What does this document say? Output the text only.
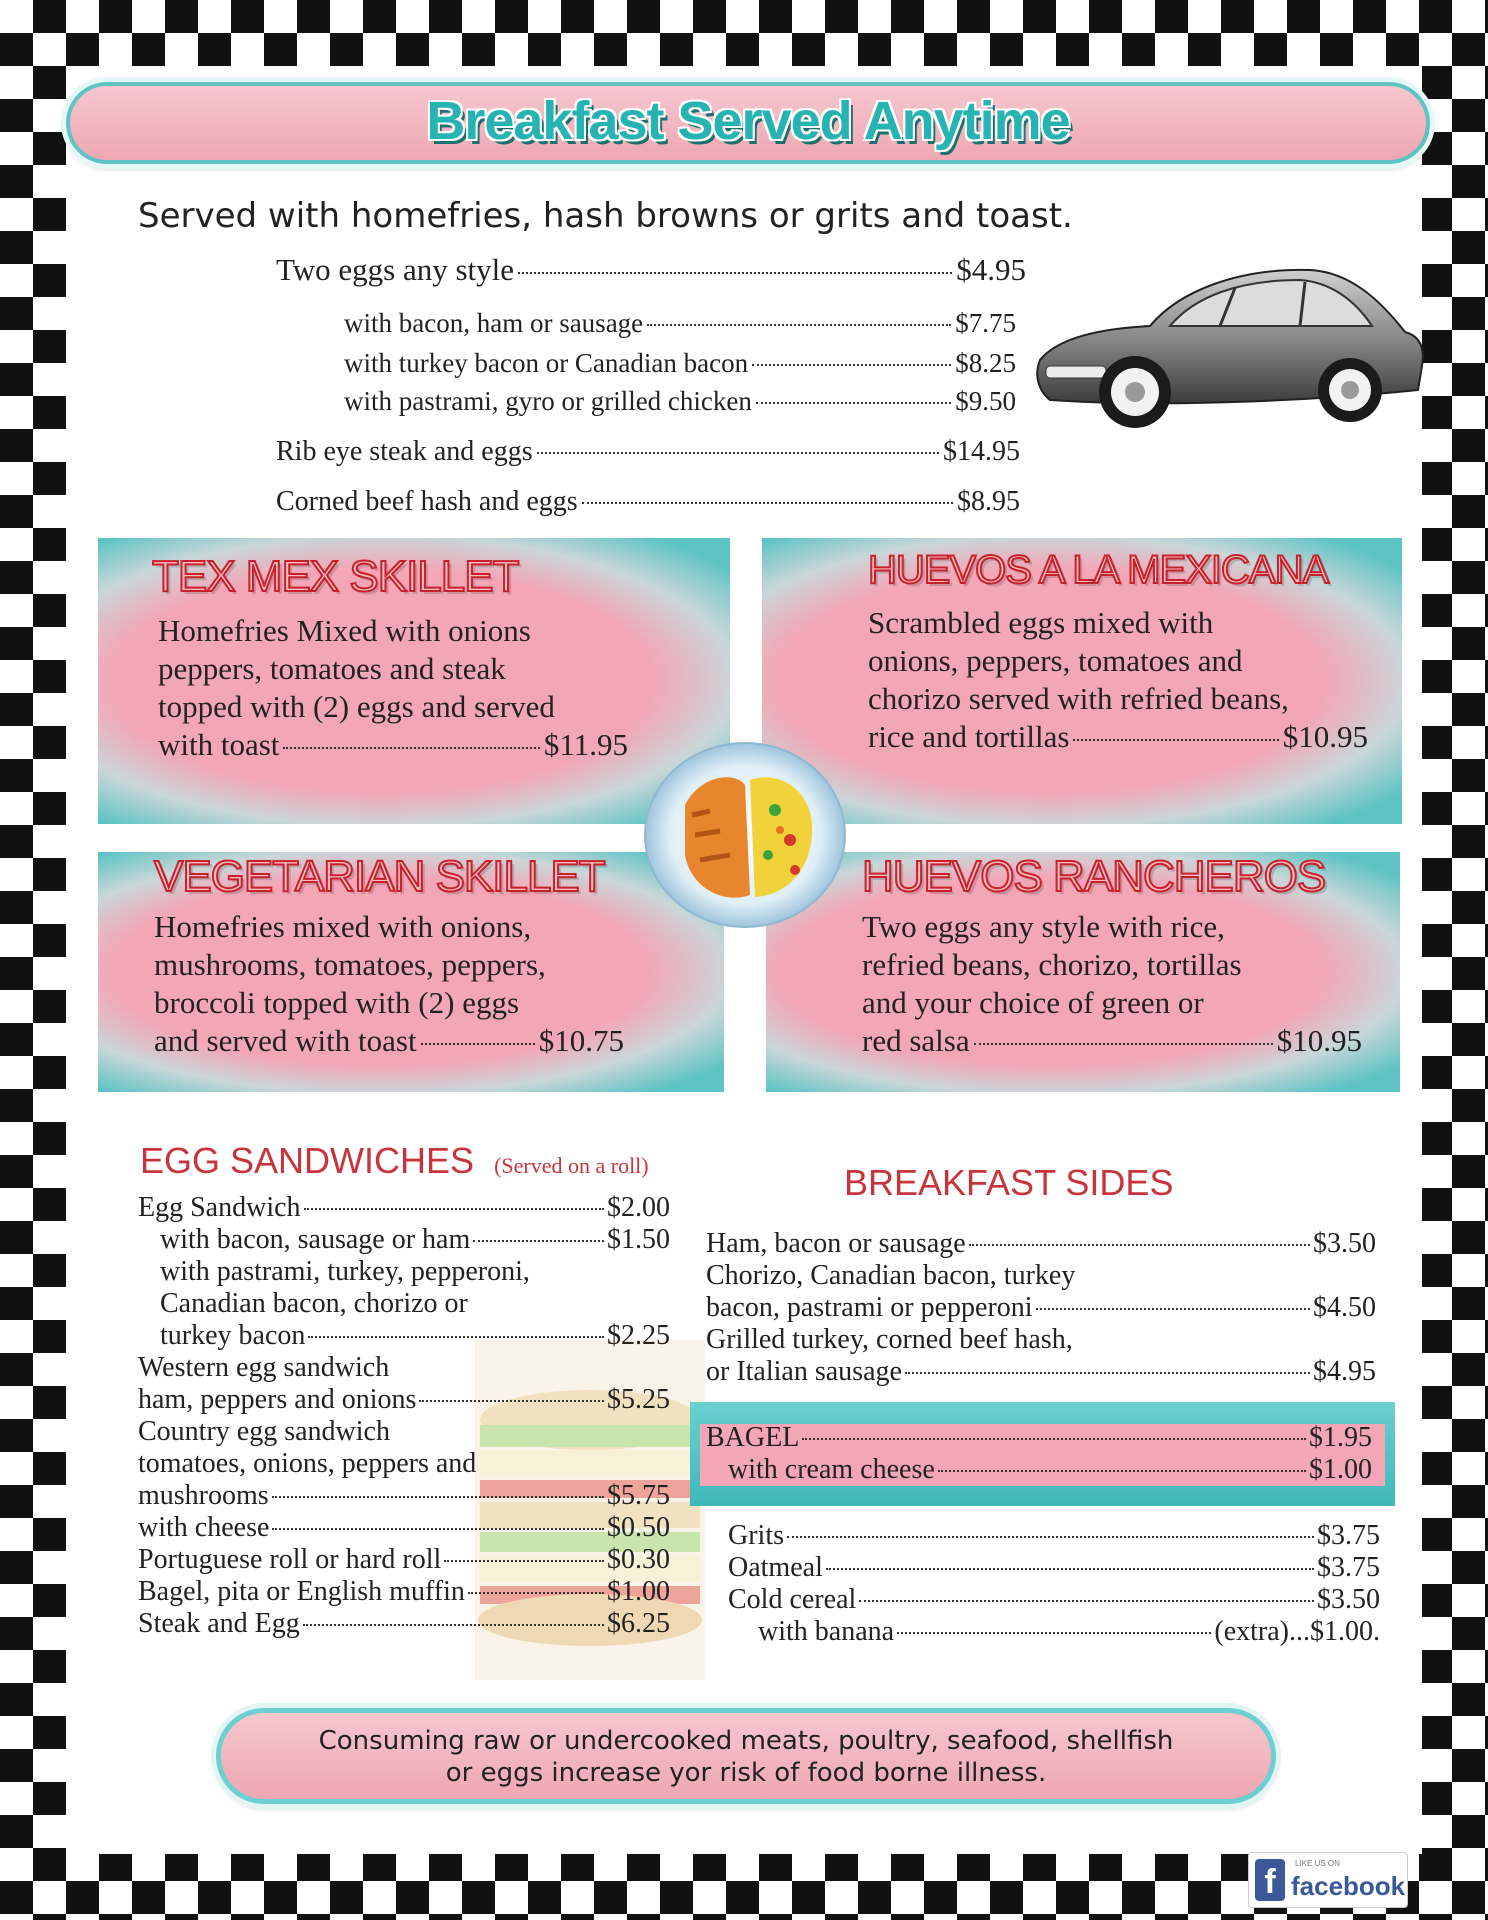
Breakfast Served Anytime
Served with homefries, hash browns or grits and toast.
Two eggs any style	$4.95
with bacon, ham or sausage	$7.75
with turkey bacon or Canadian bacon	$8.25
with pastrami, gyro or grilled chicken	$9.50
Rib eye steak and eggs	$14.95
Corned beef hash and eggs	$8.95
TEX MEX SKILLET
Homefries Mixed with onions
peppers, tomatoes and steak
topped with (2) eggs and served
with toast	$11.95
HUEVOS A LA MEXICANA
Scrambled eggs mixed with
onions, peppers, tomatoes and
chorizo served with refried beans,
rice and tortillas	$10.95
VEGETARIAN SKILLET
Homefries mixed with onions,
mushrooms, tomatoes, peppers,
broccoli topped with (2) eggs
and served with toast	$10.75
HUEVOS RANCHEROS
Two eggs any style with rice,
refried beans, chorizo, tortillas
and your choice of green or
red salsa	$10.95
EGG SANDWICHES (Served on a roll)
Egg Sandwich	$2.00
with bacon, sausage or ham	$1.50
with pastrami, turkey, pepperoni,
Canadian bacon, chorizo or
turkey bacon	$2.25
Western egg sandwich
ham, peppers and onions	$5.25
Country egg sandwich
tomatoes, onions, peppers and
mushrooms	$5.75
with cheese	$0.50
Portuguese roll or hard roll	$0.30
Bagel, pita or English muffin	$1.00
Steak and Egg	$6.25
BREAKFAST SIDES
Ham, bacon or sausage	$3.50
Chorizo, Canadian bacon, turkey
bacon, pastrami or pepperoni	$4.50
Grilled turkey, corned beef hash,
or Italian sausage	$4.95
BAGEL	$1.95
with cream cheese	$1.00
Grits	$3.75
Oatmeal	$3.75
Cold cereal	$3.50
with banana	(extra)...$1.00.
Consuming raw or undercooked meats, poultry, seafood, shellfish
or eggs increase yor risk of food borne illness.
f	LIKE US ON
facebook
